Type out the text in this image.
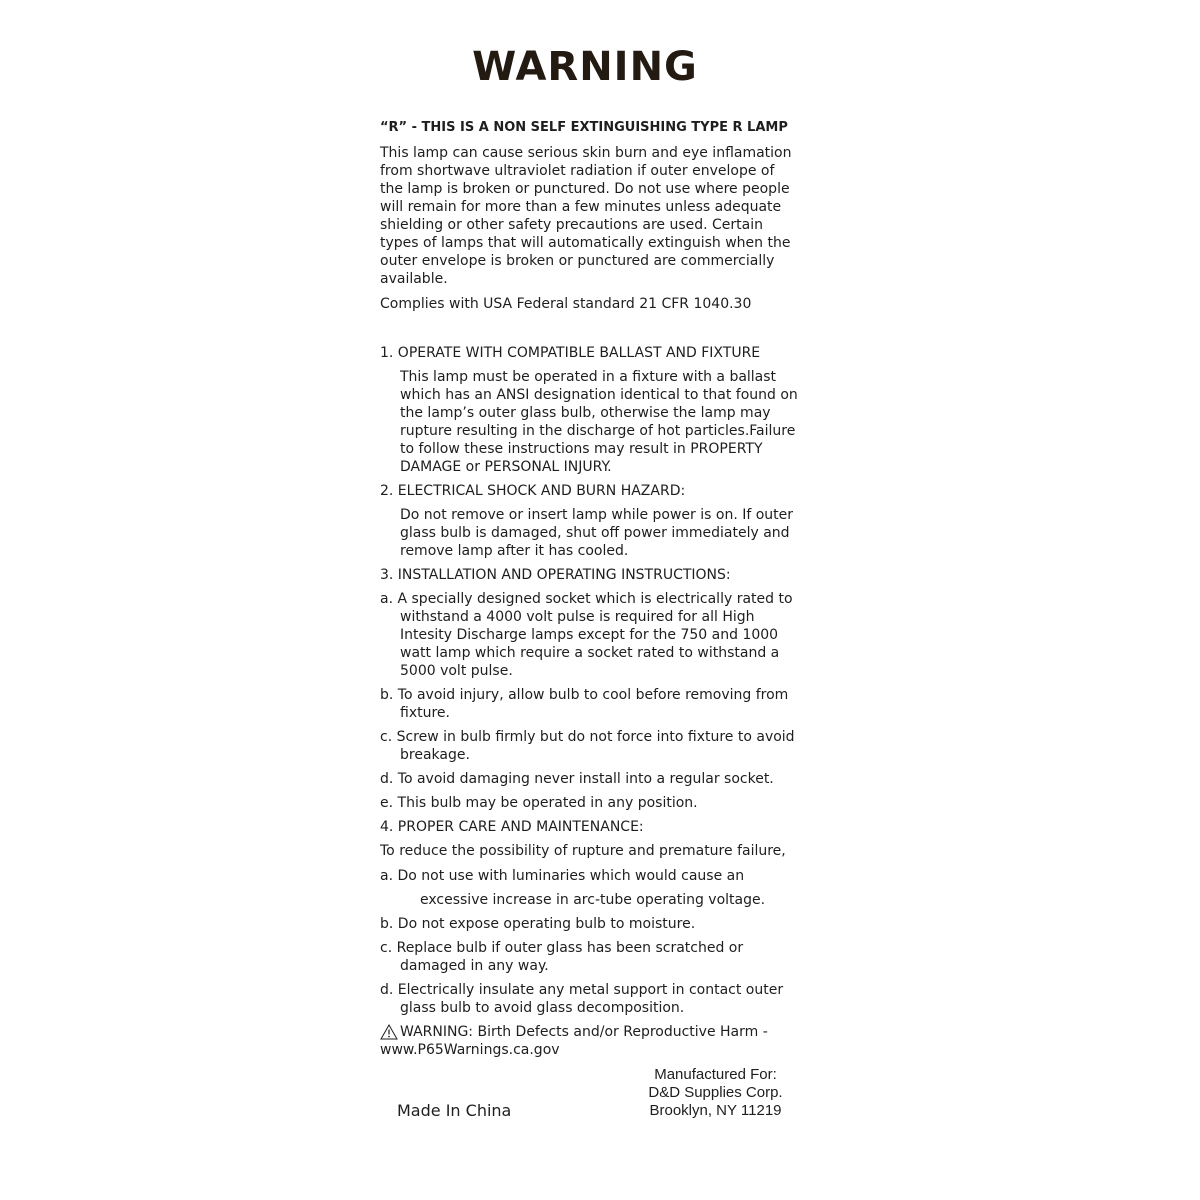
WARNING
“R” - THIS IS A NON SELF EXTINGUISHING TYPE R LAMP
This lamp can cause serious skin burn and eye inflamation from shortwave ultraviolet radiation if outer envelope of the lamp is broken or punctured. Do not use where people will remain for more than a few minutes unless adequate shielding or other safety precautions are used. Certain types of lamps that will automatically extinguish when the outer envelope is broken or punctured are commercially available.
Complies with USA Federal standard 21 CFR 1040.30
1. OPERATE WITH COMPATIBLE BALLAST AND FIXTURE
This lamp must be operated in a fixture with a ballast which has an ANSI designation identical to that found on the lamp’s outer glass bulb, otherwise the lamp may rupture resulting in the discharge of hot particles.Failure to follow these instructions may result in PROPERTY DAMAGE or PERSONAL INJURY.
2. ELECTRICAL SHOCK AND BURN HAZARD:
Do not remove or insert lamp while power is on. If outer glass bulb is damaged, shut off power immediately and remove lamp after it has cooled.
3. INSTALLATION AND OPERATING INSTRUCTIONS:
a. A specially designed socket which is electrically rated to withstand a 4000 volt pulse is required for all High Intesity Discharge lamps except for the 750 and 1000 watt lamp which require a socket rated to withstand a 5000 volt pulse.
b. To avoid injury, allow bulb to cool before removing from fixture.
c. Screw in bulb firmly but do not force into fixture to avoid breakage.
d. To avoid damaging never install into a regular socket.
e. This bulb may be operated in any position.
4. PROPER CARE AND MAINTENANCE:
To reduce the possibility of rupture and premature failure,
a. Do not use with luminaries which would cause an
excessive increase in arc-tube operating voltage.
b. Do not expose operating bulb to moisture.
c. Replace bulb if outer glass has been scratched or damaged in any way.
d. Electrically insulate any metal support in contact outer glass bulb to avoid glass decomposition.
WARNING: Birth Defects and/or Reproductive Harm -
www.P65Warnings.ca.gov
Made In China
Manufactured For:
D&D Supplies Corp.
Brooklyn, NY 11219
